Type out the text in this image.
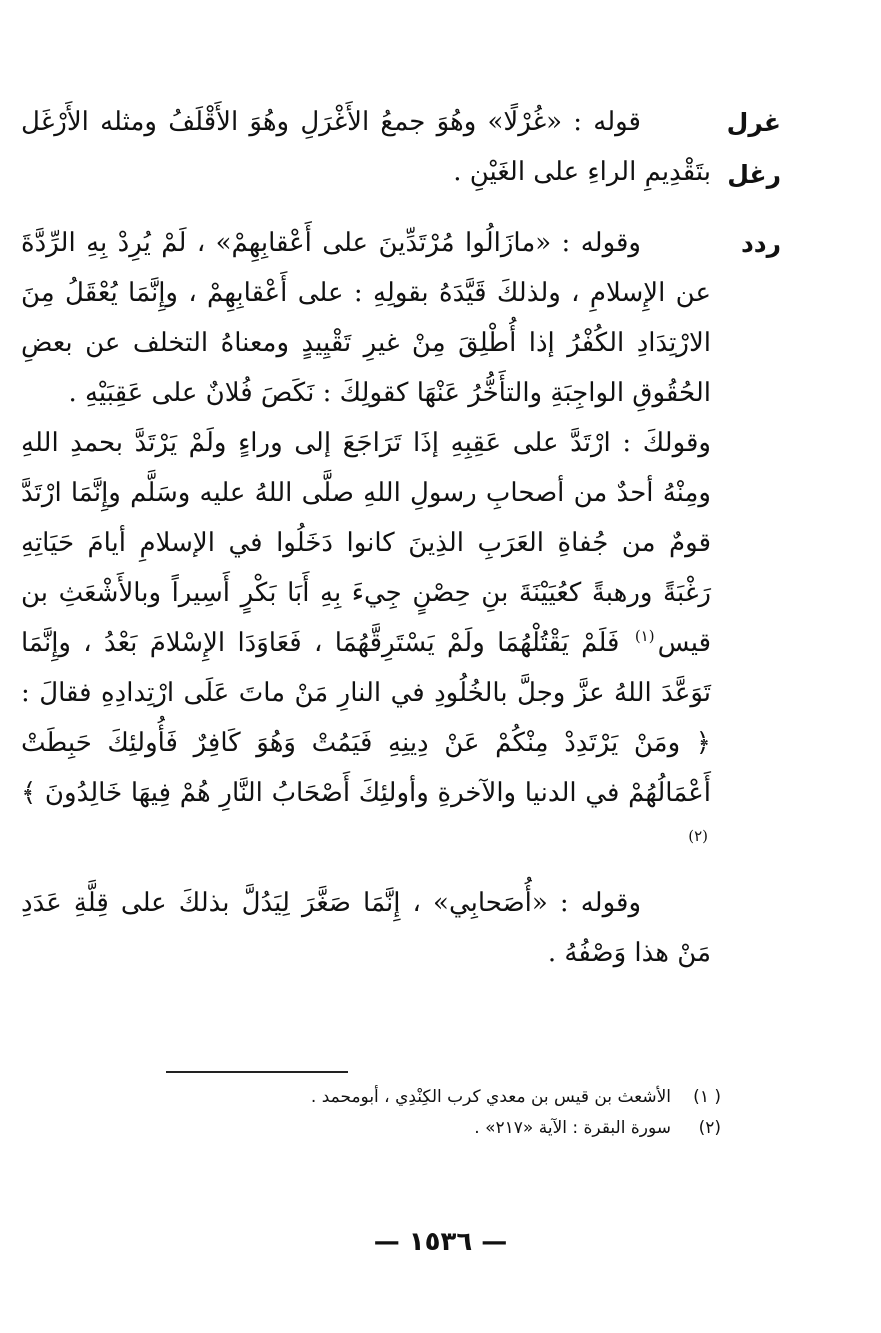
غرل
رغل

قوله : «غُرْلًا» وهُوَ جمعُ الأَغْرَلِ وهُوَ الأَقْلَفُ ومثله الأَرْغَل بتَقْدِيمِ الراءِ على الغَيْنِ .

ردد

وقوله : «مازَالُوا مُرْتَدِّينَ على أَعْقابِهِمْ» ، لَمْ يُرِدْ بِهِ الرِّدَّةَ عن الإِسلامِ ، ولذلكَ قَيَّدَهُ بقولِهِ : على أَعْقابِهِمْ ، وإِنَّمَا يُعْقَلُ مِنَ الارْتِدَادِ الكُفْرُ إذا أُطْلِقَ مِنْ غيرِ تَقْيِيدٍ ومعناهُ التخلف عن بعضِ الحُقُوقِ الواجِبَةِ والتأَخُّرُ عَنْهَا كقولِكَ : نَكَصَ فُلانٌ على عَقِبَيْهِ .

وقولكَ : ارْتَدَّ على عَقِبِهِ إذَا تَرَاجَعَ إلى وراءٍ ولَمْ يَرْتَدَّ بحمدِ اللهِ ومِنْهُ أحدٌ من أصحابِ رسولِ اللهِ صلَّى اللهُ عليه وسَلَّم وإِنَّمَا ارْتَدَّ قومٌ من جُفاةِ العَرَبِ الذِينَ كانوا دَخَلُوا في الإسلامِ أيامَ حَيَاتِهِ رَغْبَةً ورهبةً كعُيَيْنَةَ بنِ حِصْنٍ جِيءَ بِهِ أَبَا بَكْرٍ أَسِيراً وبالأَشْعَثِ بن قيس$^{(١)}$ فَلَمْ يَقْتُلْهُمَا ولَمْ يَسْتَرِقَّهُمَا ، فَعَاوَدَا الإِسْلامَ بَعْدُ ، وإِنَّمَا تَوَعَّدَ اللهُ عزَّ وجلَّ بالخُلُودِ في النارِ مَنْ ماتَ عَلَى ارْتِدادِهِ فقالَ : ﴿ ومَنْ يَرْتَدِدْ مِنْكُمْ عَنْ دِينِهِ فَيَمُتْ وَهُوَ كَافِرٌ فَأُولئِكَ حَبِطَتْ أَعْمَالُهُمْ في الدنيا والآخرةِ وأولئِكَ أَصْحَابُ النَّارِ هُمْ فِيهَا خَالِدُونَ ﴾$^{(٢)}$

وقوله : «أُصَحابِي» ، إِنَّمَا صَغَّرَ لِيَدُلَّ بذلكَ على قِلَّةِ عَدَدِ مَنْ هذا وَصْفُهُ .

( ١)الأشعث بن قيس بن معدي كرب الكِنْدِي ، أبومحمد .
(٢)سورة البقرة : الآية «٢١٧» .
— ١٥٣٦ —
